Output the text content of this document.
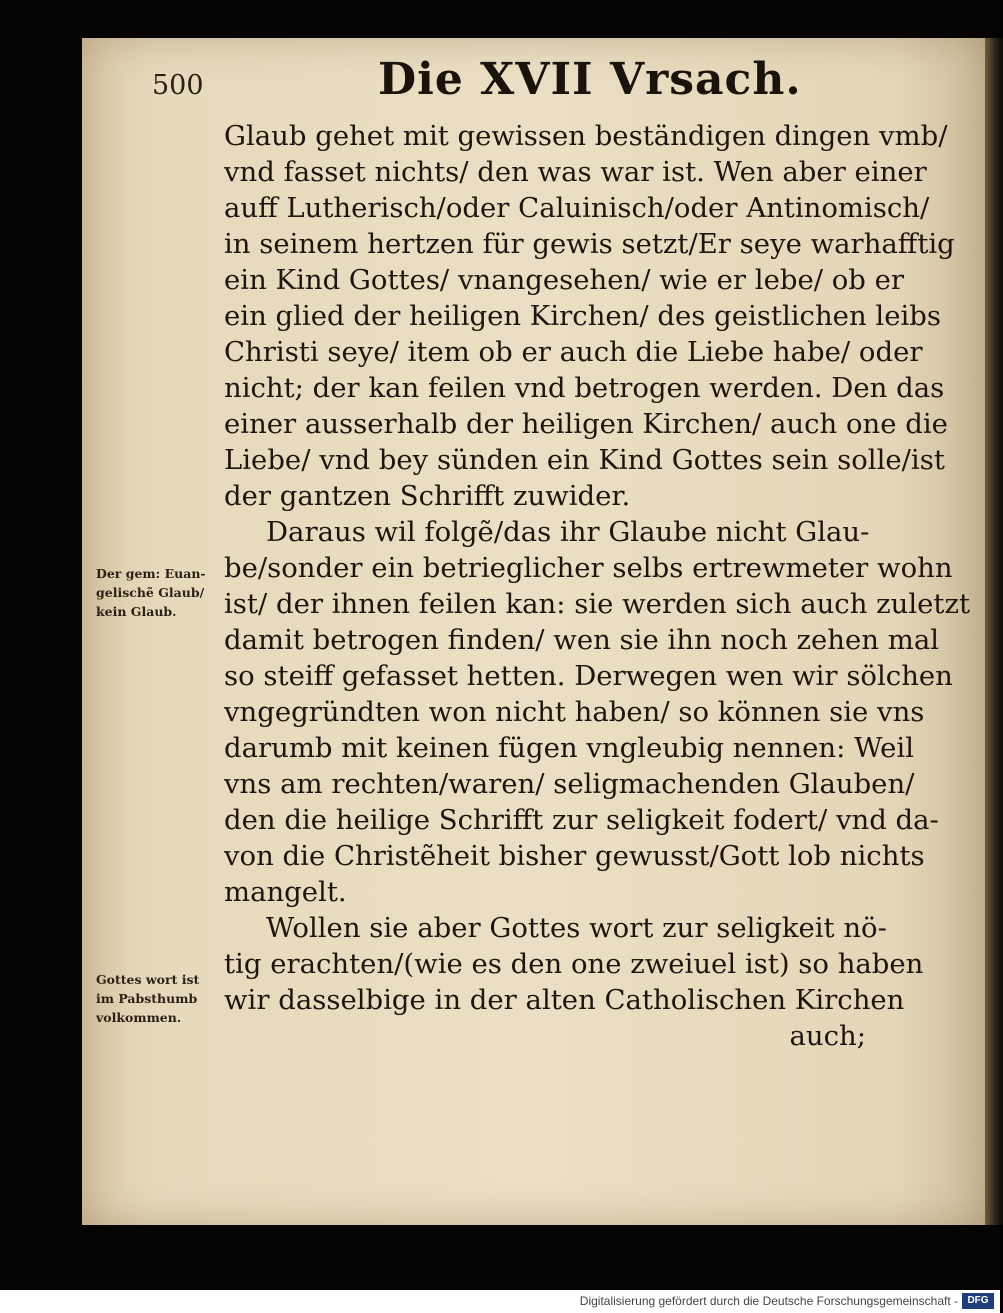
500	Die XVII Vrsach.
Glaub gehet mit gewissen beständigen dingen vmb/
vnd fasset nichts/ den was war ist. Wen aber einer
auff Lutherisch/oder Caluinisch/oder Antinomisch/
in seinem hertzen für gewis setzt/Er seye warhafftig
ein Kind Gottes/ vnangesehen/ wie er lebe/ ob er
ein glied der heiligen Kirchen/ des geistlichen leibs
Christi seye/ item ob er auch die Liebe habe/ oder
nicht; der kan feilen vnd betrogen werden. Den das
einer ausserhalb der heiligen Kirchen/ auch one die
Liebe/ vnd bey sünden ein Kind Gottes sein solle/ist
der gantzen Schrifft zuwider.
Daraus wil folgẽ/das ihr Glaube nicht Glau-
be/sonder ein betrieglicher selbs ertrewmeter wohn
ist/ der ihnen feilen kan: sie werden sich auch zuletzt
damit betrogen finden/ wen sie ihn noch zehen mal
so steiff gefasset hetten. Derwegen wen wir sölchen
vngegründten won nicht haben/ so können sie vns
darumb mit keinen fügen vngleubig nennen: Weil
vns am rechten/waren/ seligmachenden Glauben/
den die heilige Schrifft zur seligkeit fodert/ vnd da-
von die Christẽheit bisher gewusst/Gott lob nichts
mangelt.
Wollen sie aber Gottes wort zur seligkeit nö-
tig erachten/(wie es den one zweiuel ist) so haben
wir dasselbige in der alten Catholischen Kirchen
auch;
Der gem: Euan-
gelischẽ Glaub/
kein Glaub.
Gottes wort ist
im Pabsthumb
volkommen.
Digitalisierung gefördert durch die Deutsche Forschungsgemeinschaft - DFG
